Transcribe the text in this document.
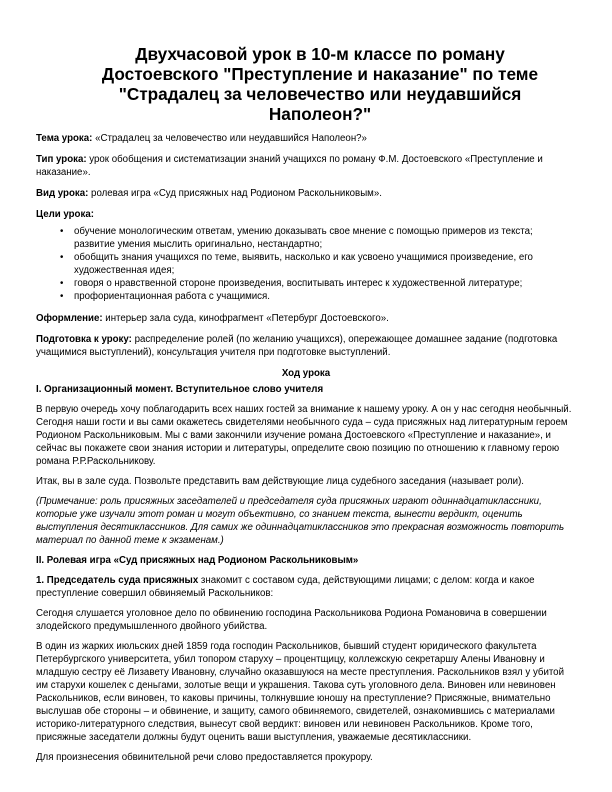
Двухчасовой урок в 10-м классе по роману
Достоевского "Преступление и наказание" по теме
"Страдалец за человечество или неудавшийся
Наполеон?"

Тема урока: «Страдалец за человечество или неудавшийся Наполеон?»

Тип урока: урок обобщения и систематизации знаний учащихся по роману Ф.М. Достоевского «Преступление и наказание».

Вид урока: ролевая игра «Суд присяжных над Родионом Раскольниковым».

Цели урока:

• обучение монологическим ответам, умению доказывать свое мнение с помощью примеров из текста; развитие умения мыслить оригинально, нестандартно;
• обобщить знания учащихся по теме, выявить, насколько и как усвоено учащимися произведение, его художественная идея;
• говоря о нравственной стороне произведения, воспитывать интерес к художественной литературе;
• профориентационная работа с учащимися.

Оформление: интерьер зала суда, кинофрагмент «Петербург Достоевского».

Подготовка к уроку: распределение ролей (по желанию учащихся), опережающее домашнее задание (подготовка учащимися выступлений), консультация учителя при подготовке выступлений.

Ход урока
I. Организационный момент. Вступительное слово учителя

В первую очередь хочу поблагодарить всех наших гостей за внимание к нашему уроку. А он у нас сегодня необычный. Сегодня наши гости и вы сами окажетесь свидетелями необычного суда – суда присяжных над литературным героем Родионом Раскольниковым. Мы с вами закончили изучение романа Достоевского «Преступление и наказание», и сейчас вы покажете свои знания истории и литературы, определите свою позицию по отношению к главному герою романа Р.Р.Раскольникову.

Итак, вы в зале суда. Позвольте представить вам действующие лица судебного заседания (называет роли).

(Примечание: роль присяжных заседателей и председателя суда присяжных играют одиннадцатиклассники, которые уже изучали этот роман и могут объективно, со знанием текста, вынести вердикт, оценить выступления десятиклассников. Для самих же одиннадцатиклассников это прекрасная возможность повторить материал по данной теме к экзаменам.)

II. Ролевая игра «Суд присяжных над Родионом Раскольниковым»

1. Председатель суда присяжных знакомит с составом суда, действующими лицами; с делом: когда и какое преступление совершил обвиняемый Раскольников:

Сегодня слушается уголовное дело по обвинению господина Раскольникова Родиона Романовича в совершении злодейского предумышленного двойного убийства.

В один из жарких июльских дней 1859 года господин Раскольников, бывший студент юридического факультета Петербургского университета, убил топором старуху – процентщицу, коллежскую секретаршу Алены Ивановну и младшую сестру её Лизавету Ивановну, случайно оказавшуюся на месте преступления. Раскольников взял у убитой им старухи кошелек с деньгами, золотые вещи и украшения. Такова суть уголовного дела. Виновен или невиновен Раскольников, если виновен, то каковы причины, толкнувшие юношу на преступление? Присяжные, внимательно выслушав обе стороны – и обвинение, и защиту, самого обвиняемого, свидетелей, ознакомившись с материалами историко-литературного следствия, вынесут свой вердикт: виновен или невиновен Раскольников. Кроме того, присяжные заседатели должны будут оценить ваши выступления, уважаемые десятиклассники.

Для произнесения обвинительной речи слово предоставляется прокурору.
